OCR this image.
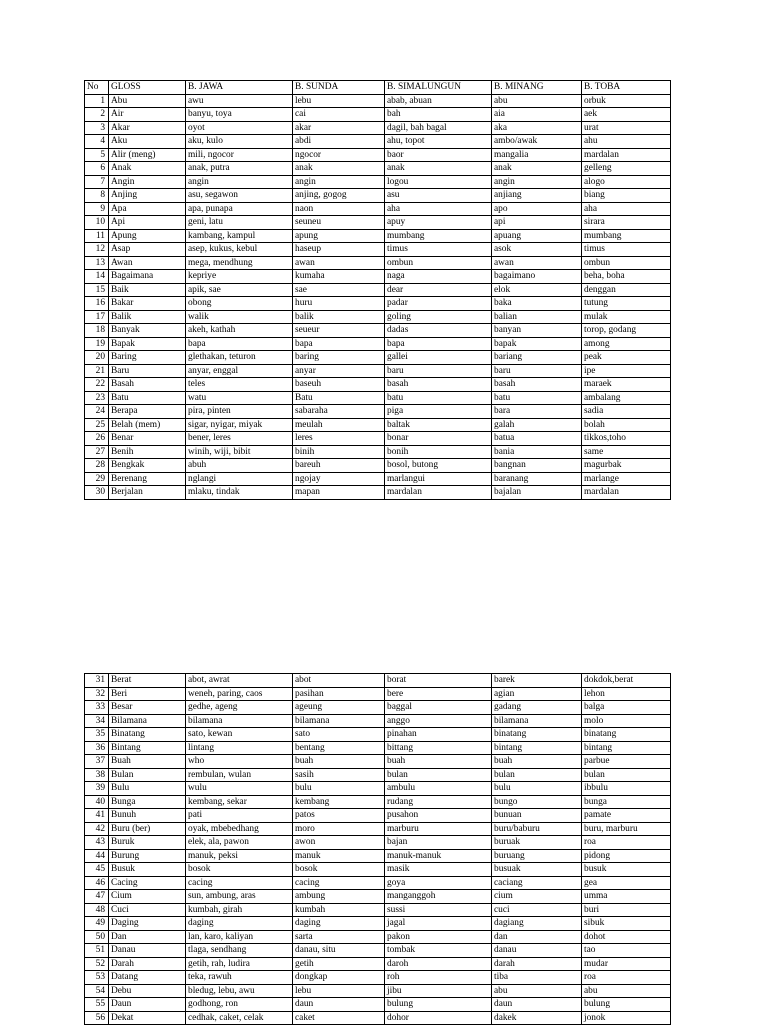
No	GLOSS	B. JAWA	B. SUNDA	B. SIMALUNGUN	B. MINANG	B. TOBA
1	Abu	awu	lebu	abab, abuan	abu	orbuk
2	Air	banyu, toya	cai	bah	aia	aek
3	Akar	oyot	akar	dagil, bah bagal	aka	urat
4	Aku	aku, kulo	abdi	ahu, topot	ambo/awak	ahu
5	Alir (meng)	mili, ngocor	ngocor	baor	mangalia	mardalan
6	Anak	anak, putra	anak	anak	anak	gelleng
7	Angin	angin	angin	logou	angin	alogo
8	Anjing	asu, segawon	anjing, gogog	asu	anjiang	biang
9	Apa	apa, punapa	naon	aha	apo	aha
10	Api	geni, latu	seuneu	apuy	api	sirara
11	Apung	kambang, kampul	apung	mumbang	apuang	mumbang
12	Asap	asep, kukus, kebul	haseup	timus	asok	timus
13	Awan	mega, mendhung	awan	ombun	awan	ombun
14	Bagaimana	kepriye	kumaha	naga	bagaimano	beha, boha
15	Baik	apik, sae	sae	dear	elok	denggan
16	Bakar	obong	huru	padar	baka	tutung
17	Balik	walik	balik	goling	balian	mulak
18	Banyak	akeh, kathah	seueur	dadas	banyan	torop, godang
19	Bapak	bapa	bapa	bapa	bapak	among
20	Baring	glethakan, teturon	baring	gallei	bariang	peak
21	Baru	anyar, enggal	anyar	baru	baru	ipe
22	Basah	teles	baseuh	basah	basah	maraek
23	Batu	watu	Batu	batu	batu	ambalang
24	Berapa	pira, pinten	sabaraha	piga	bara	sadia
25	Belah (mem)	sigar, nyigar, miyak	meulah	baltak	galah	bolah
26	Benar	bener, leres	leres	bonar	batua	tikkos,toho
27	Benih	winih, wiji, bibit	binih	bonih	bania	same
28	Bengkak	abuh	bareuh	bosol, butong	bangnan	magurbak
29	Berenang	nglangi	ngojay	marlangui	baranang	marlange
30	Berjalan	mlaku, tindak	mapan	mardalan	bajalan	mardalan
31	Berat	abot, awrat	abot	borat	barek	dokdok,berat
32	Beri	weneh, paring, caos	pasihan	bere	agian	lehon
33	Besar	gedhe, ageng	ageung	baggal	gadang	balga
34	Bilamana	bilamana	bilamana	anggo	bilamana	molo
35	Binatang	sato, kewan	sato	pinahan	binatang	binatang
36	Bintang	lintang	bentang	bittang	bintang	bintang
37	Buah	who	buah	buah	buah	parbue
38	Bulan	rembulan, wulan	sasih	bulan	bulan	bulan
39	Bulu	wulu	bulu	ambulu	bulu	ibbulu
40	Bunga	kembang, sekar	kembang	rudang	bungo	bunga
41	Bunuh	pati	patos	pusahon	bunuan	pamate
42	Buru (ber)	oyak, mbebedhang	moro	marburu	buru/baburu	buru, marburu
43	Buruk	elek, ala, pawon	awon	bajan	buruak	roa
44	Burung	manuk, peksi	manuk	manuk-manuk	buruang	pidong
45	Busuk	bosok	bosok	masik	busuak	busuk
46	Cacing	cacing	cacing	goya	caciang	gea
47	Cium	sun, ambung, aras	ambung	manganggoh	cium	umma
48	Cuci	kumbah, girah	kumbah	sussi	cuci	buri
49	Daging	daging	daging	jagal	dagiang	sibuk
50	Dan	lan, karo, kaliyan	sarta	pakon	dan	dohot
51	Danau	tlaga, sendhang	danau, situ	tombak	danau	tao
52	Darah	getih, rah, ludira	getih	daroh	darah	mudar
53	Datang	teka, rawuh	dongkap	roh	tiba	roa
54	Debu	bledug, lebu, awu	lebu	jibu	abu	abu
55	Daun	godhong, ron	daun	bulung	daun	bulung
56	Dekat	cedhak, caket, celak	caket	dohor	dakek	jonok
